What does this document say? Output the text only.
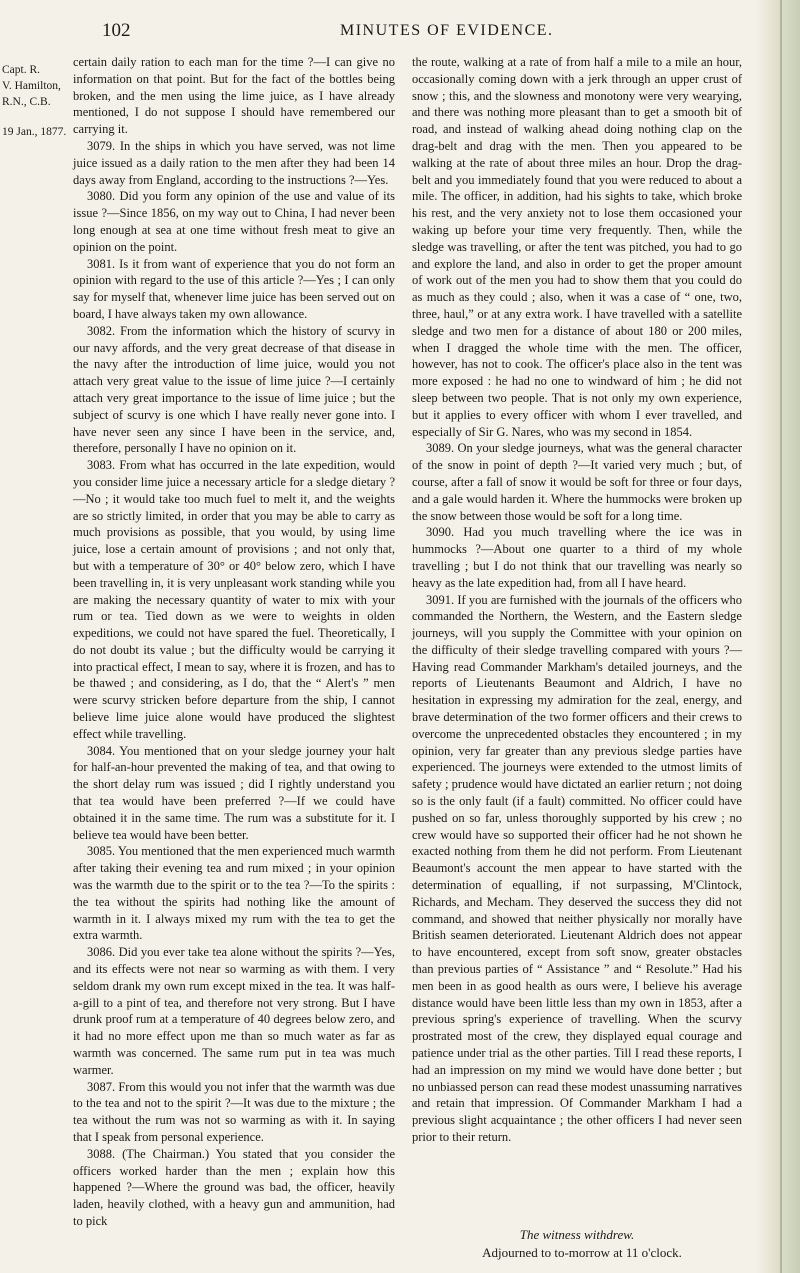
102	MINUTES OF EVIDENCE.
Capt. R.
V. Hamilton,
R.N., C.B.
19 Jan., 1877.

certain daily ration to each man for the time ?—I can give no information on that point. But for the fact of the bottles being broken, and the men using the lime juice, as I have already mentioned, I do not suppose I should have remembered our carrying it.

3079. In the ships in which you have served, was not lime juice issued as a daily ration to the men after they had been 14 days away from England, according to the instructions ?—Yes.

3080. Did you form any opinion of the use and value of its issue ?—Since 1856, on my way out to China, I had never been long enough at sea at one time without fresh meat to give an opinion on the point.

3081. Is it from want of experience that you do not form an opinion with regard to the use of this article ?—Yes ; I can only say for myself that, whenever lime juice has been served out on board, I have always taken my own allowance.

3082. From the information which the history of scurvy in our navy affords, and the very great decrease of that disease in the navy after the introduction of lime juice, would you not attach very great value to the issue of lime juice ?—I certainly attach very great importance to the issue of lime juice ; but the subject of scurvy is one which I have really never gone into. I have never seen any since I have been in the service, and, therefore, personally I have no opinion on it.

3083. From what has occurred in the late expedition, would you consider lime juice a necessary article for a sledge dietary ?—No ; it would take too much fuel to melt it, and the weights are so strictly limited, in order that you may be able to carry as much provisions as possible, that you would, by using lime juice, lose a certain amount of provisions ; and not only that, but with a temperature of 30° or 40° below zero, which I have been travelling in, it is very unpleasant work standing while you are making the necessary quantity of water to mix with your rum or tea. Tied down as we were to weights in olden expeditions, we could not have spared the fuel. Theoretically, I do not doubt its value ; but the difficulty would be carrying it into practical effect, I mean to say, where it is frozen, and has to be thawed ; and considering, as I do, that the “ Alert's ” men were scurvy stricken before departure from the ship, I cannot believe lime juice alone would have produced the slightest effect while travelling.

3084. You mentioned that on your sledge journey your halt for half-an-hour prevented the making of tea, and that owing to the short delay rum was issued ; did I rightly understand you that tea would have been preferred ?—If we could have obtained it in the same time. The rum was a substitute for it. I believe tea would have been better.

3085. You mentioned that the men experienced much warmth after taking their evening tea and rum mixed ; in your opinion was the warmth due to the spirit or to the tea ?—To the spirits : the tea without the spirits had nothing like the amount of warmth in it. I always mixed my rum with the tea to get the extra warmth.

3086. Did you ever take tea alone without the spirits ?—Yes, and its effects were not near so warming as with them. I very seldom drank my own rum except mixed in the tea. It was half-a-gill to a pint of tea, and therefore not very strong. But I have drunk proof rum at a temperature of 40 degrees below zero, and it had no more effect upon me than so much water as far as warmth was concerned. The same rum put in tea was much warmer.

3087. From this would you not infer that the warmth was due to the tea and not to the spirit ?—It was due to the mixture ; the tea without the rum was not so warming as with it. In saying that I speak from personal experience.

3088. (The Chairman.) You stated that you consider the officers worked harder than the men ; explain how this happened ?—Where the ground was bad, the officer, heavily laden, heavily clothed, with a heavy gun and ammunition, had to pick

the route, walking at a rate of from half a mile to a mile an hour, occasionally coming down with a jerk through an upper crust of snow ; this, and the slowness and monotony were very wearying, and there was nothing more pleasant than to get a smooth bit of road, and instead of walking ahead doing nothing clap on the drag-belt and drag with the men. Then you appeared to be walking at the rate of about three miles an hour. Drop the drag-belt and you immediately found that you were reduced to about a mile. The officer, in addition, had his sights to take, which broke his rest, and the very anxiety not to lose them occasioned your waking up before your time very frequently. Then, while the sledge was travelling, or after the tent was pitched, you had to go and explore the land, and also in order to get the proper amount of work out of the men you had to show them that you could do as much as they could ; also, when it was a case of “ one, two, three, haul,” or at any extra work. I have travelled with a satellite sledge and two men for a distance of about 180 or 200 miles, when I dragged the whole time with the men. The officer, however, has not to cook. The officer's place also in the tent was more exposed : he had no one to windward of him ; he did not sleep between two people. That is not only my own experience, but it applies to every officer with whom I ever travelled, and especially of Sir G. Nares, who was my second in 1854.

3089. On your sledge journeys, what was the general character of the snow in point of depth ?—It varied very much ; but, of course, after a fall of snow it would be soft for three or four days, and a gale would harden it. Where the hummocks were broken up the snow between those would be soft for a long time.

3090. Had you much travelling where the ice was in hummocks ?—About one quarter to a third of my whole travelling ; but I do not think that our travelling was nearly so heavy as the late expedition had, from all I have heard.

3091. If you are furnished with the journals of the officers who commanded the Northern, the Western, and the Eastern sledge journeys, will you supply the Committee with your opinion on the difficulty of their sledge travelling compared with yours ?—Having read Commander Markham's detailed journeys, and the reports of Lieutenants Beaumont and Aldrich, I have no hesitation in expressing my admiration for the zeal, energy, and brave determination of the two former officers and their crews to overcome the unprecedented obstacles they encountered ; in my opinion, very far greater than any previous sledge parties have experienced. The journeys were extended to the utmost limits of safety ; prudence would have dictated an earlier return ; not doing so is the only fault (if a fault) committed. No officer could have pushed on so far, unless thoroughly supported by his crew ; no crew would have so supported their officer had he not shown he exacted nothing from them he did not perform. From Lieutenant Beaumont's account the men appear to have started with the determination of equalling, if not surpassing, M'Clintock, Richards, and Mecham. They deserved the success they did not command, and showed that neither physically nor morally have British seamen deteriorated. Lieutenant Aldrich does not appear to have encountered, except from soft snow, greater obstacles than previous parties of “ Assistance ” and “ Resolute.” Had his men been in as good health as ours were, I believe his average distance would have been little less than my own in 1853, after a previous spring's experience of travelling. When the scurvy prostrated most of the crew, they displayed equal courage and patience under trial as the other parties. Till I read these reports, I had an impression on my mind we would have done better ; but no unbiassed person can read these modest unassuming narratives and retain that impression. Of Commander Markham I had a previous slight acquaintance ; the other officers I had never seen prior to their return.

The witness withdrew.
Adjourned to to-morrow at 11 o'clock.
